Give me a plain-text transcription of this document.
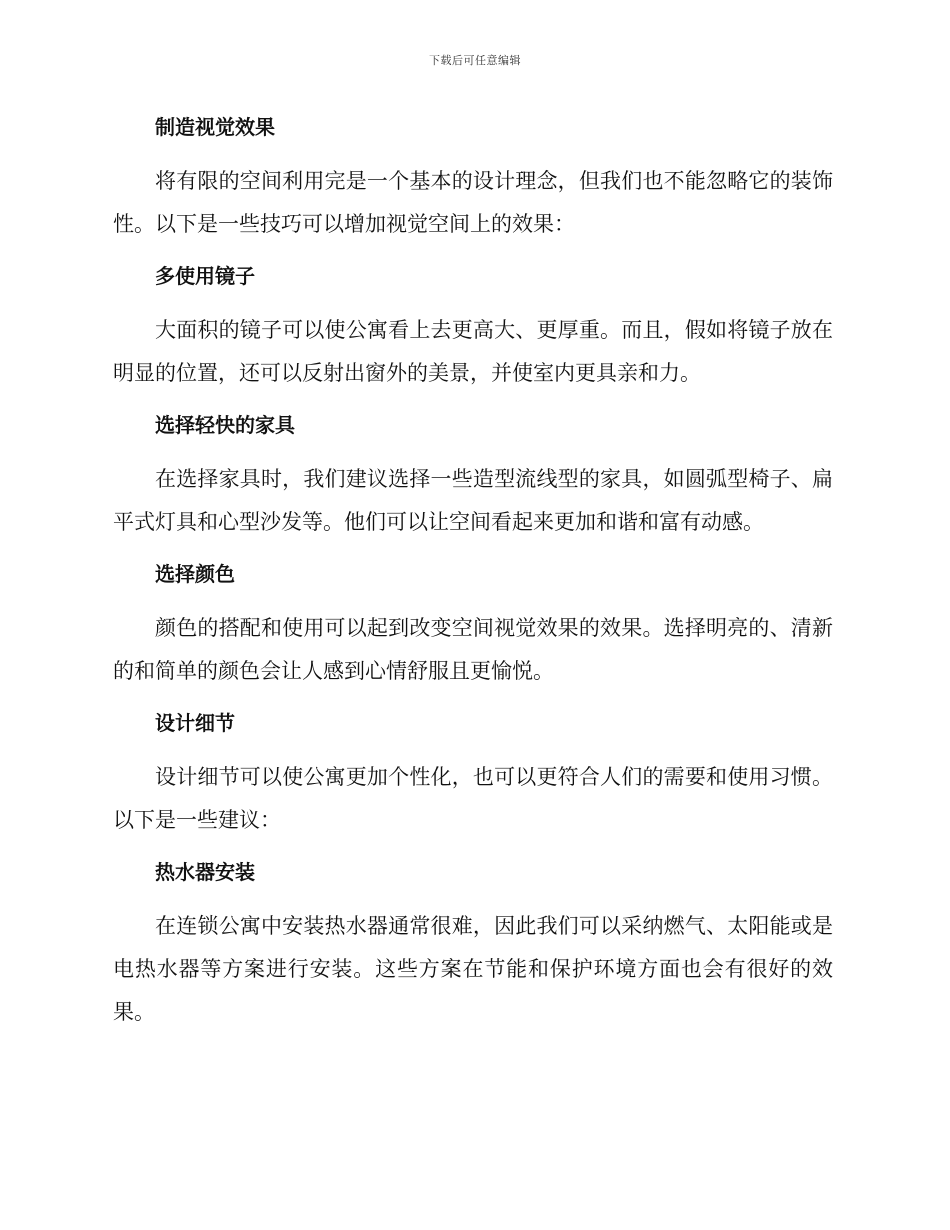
下载后可任意编辑
制造视觉效果

将有限的空间利用完是一个基本的设计理念，但我们也不能忽略它的装饰性。以下是一些技巧可以增加视觉空间上的效果：

多使用镜子

大面积的镜子可以使公寓看上去更高大、更厚重。而且，假如将镜子放在明显的位置，还可以反射出窗外的美景，并使室内更具亲和力。

选择轻快的家具

在选择家具时，我们建议选择一些造型流线型的家具，如圆弧型椅子、扁平式灯具和心型沙发等。他们可以让空间看起来更加和谐和富有动感。

选择颜色

颜色的搭配和使用可以起到改变空间视觉效果的效果。选择明亮的、清新的和简单的颜色会让人感到心情舒服且更愉悦。

设计细节

设计细节可以使公寓更加个性化，也可以更符合人们的需要和使用习惯。以下是一些建议：

热水器安装

在连锁公寓中安装热水器通常很难，因此我们可以采纳燃气、太阳能或是电热水器等方案进行安装。这些方案在节能和保护环境方面也会有很好的效果。
